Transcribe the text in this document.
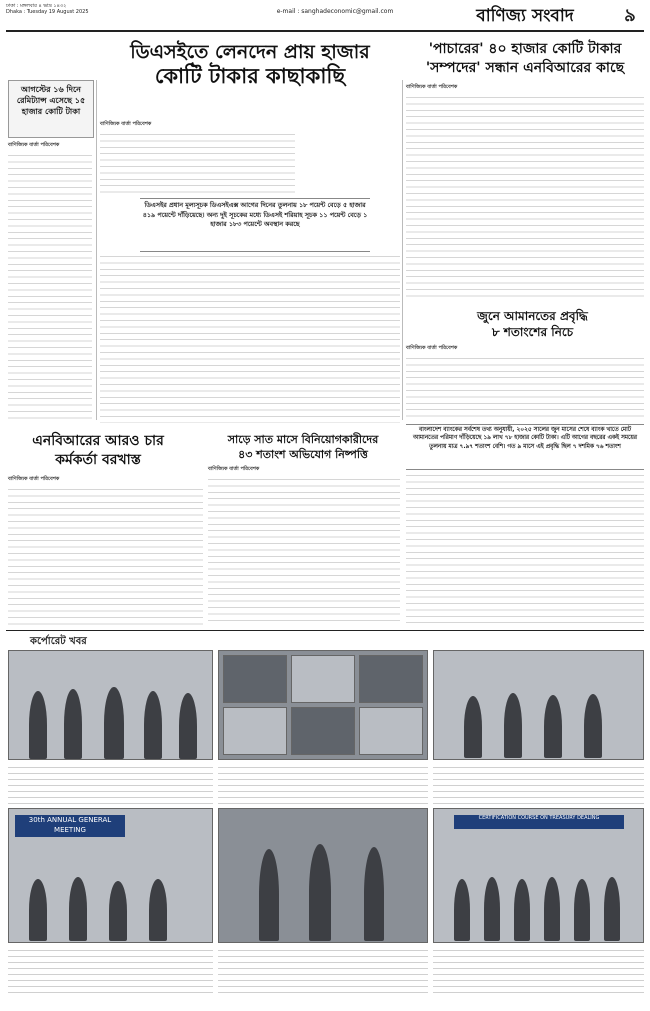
ঢাকা : মঙ্গলবার ৪ ভাদ্র ১৪৩২
Dhaka : Tuesday 19 August 2025	e-mail : sanghadeconomic@gmail.com	বাণিজ্য সংবাদ	৯
ডিএসইতে লেনদেন প্রায় হাজার
কোটি টাকার কাছাকাছি
আগস্টের ১৬ দিনে রেমিট্যান্স এসেছে ১৫ হাজার কোটি টাকা
বাণিজ্যিক বার্তা পরিবেশক
বাণিজ্যিক বার্তা পরিবেশক
ডিএসইর প্রধান মূল্যসূচক ডিএসইএক্স আগের দিনের তুলনায় ১৮ পয়েন্ট বেড়ে ৫ হাজার ৪১৯ পয়েন্টে দাঁড়িয়েছে। অন্য দুই সূচকের মধ্যে ডিএসই শরিয়াহ সূচক ১১ পয়েন্ট বেড়ে ১ হাজার ১৮৩ পয়েন্টে অবস্থান করছে
'পাচারের' ৪০ হাজার কোটি টাকার
'সম্পদের' সন্ধান এনবিআরের কাছে
বাণিজ্যিক বার্তা পরিবেশক
জুনে আমানতের প্রবৃদ্ধি
৮ শতাংশের নিচে
বাণিজ্যিক বার্তা পরিবেশক
বাংলাদেশ ব্যাংকের সর্বশেষ তথ্য অনুযায়ী, ২০২৫ সালের জুন মাসের শেষে ব্যাংক খাতে মোট আমানতের পরিমাণ দাঁড়িয়েছে ১৯ লাখ ৭৮ হাজার কোটি টাকা। এটি আগের বছরের একই সময়ের তুলনায় মাত্র ৭.৯৭ শতাংশ বেশি। গত ৯ মাসে এই প্রবৃদ্ধি ছিল ৭ দশমিক ৭৬ শতাংশ
এনবিআরের আরও চার
কর্মকর্তা বরখাস্ত
বাণিজ্যিক বার্তা পরিবেশক
সাড়ে সাত মাসে বিনিয়োগকারীদের
৪৩ শতাংশ অভিযোগ নিষ্পত্তি
বাণিজ্যিক বার্তা পরিবেশক
কর্পোরেট খবর
30th ANNUAL GENERAL MEETING
CERTIFICATION COURSE ON TREASURY DEALING
